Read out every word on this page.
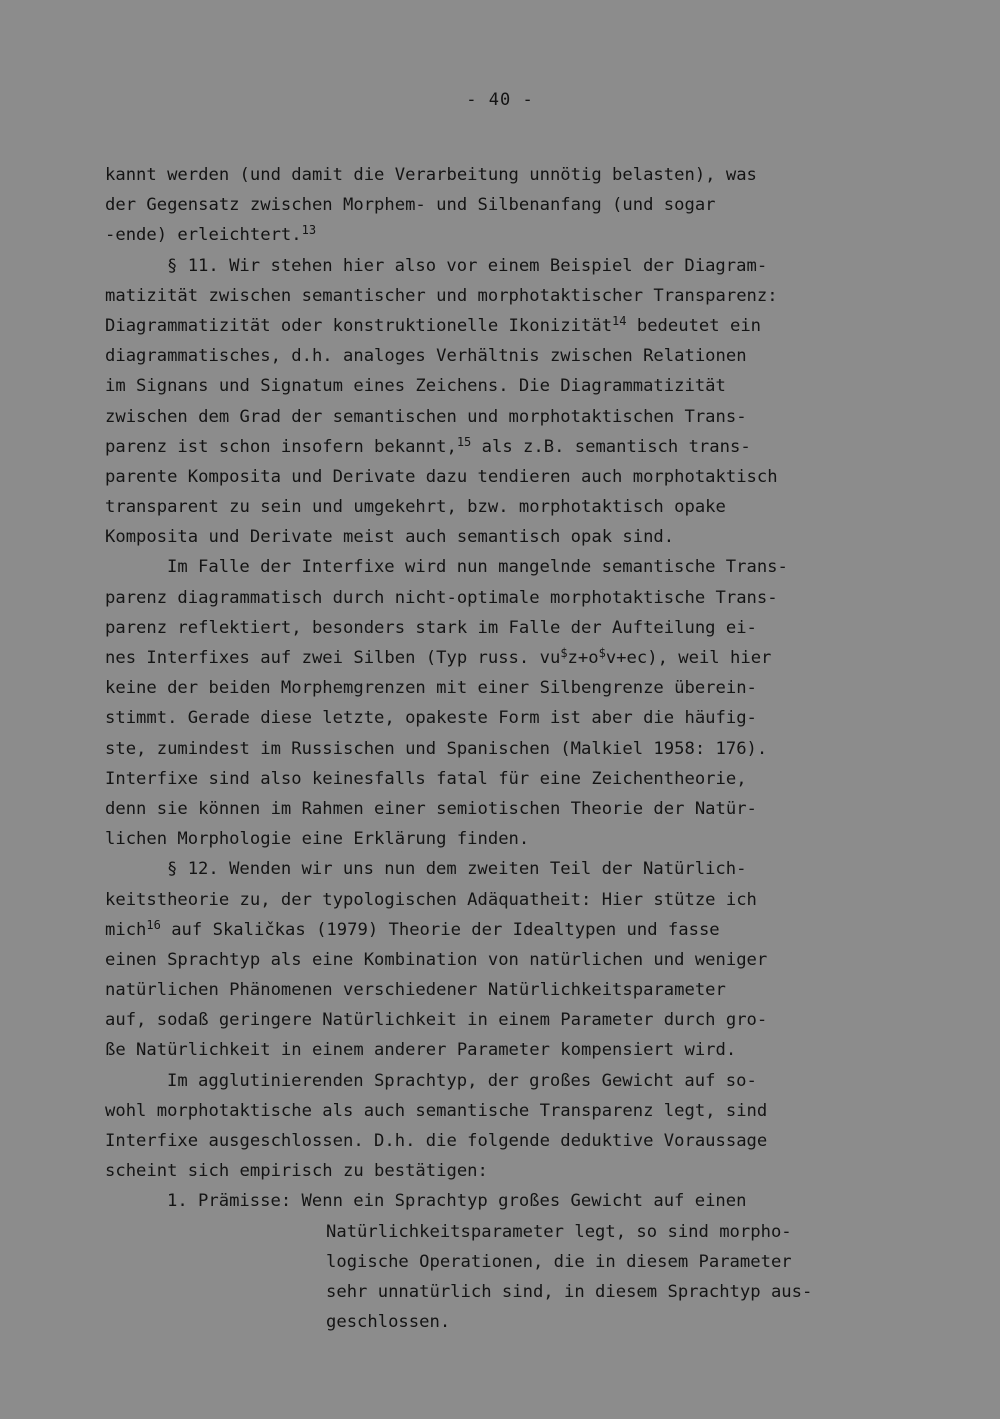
- 40 -
kannt werden (und damit die Verarbeitung unnötig belasten), was
der Gegensatz zwischen Morphem- und Silbenanfang (und sogar
-ende) erleichtert.$^{13}$
§ 11. Wir stehen hier also vor einem Beispiel der Diagram-
matizität zwischen semantischer und morphotaktischer Transparenz:
Diagrammatizität oder konstruktionelle Ikonizität$^{14}$ bedeutet ein
diagrammatisches, d.h. analoges Verhältnis zwischen Relationen
im Signans und Signatum eines Zeichens. Die Diagrammatizität
zwischen dem Grad der semantischen und morphotaktischen Trans-
parenz ist schon insofern bekannt,$^{15}$ als z.B. semantisch trans-
parente Komposita und Derivate dazu tendieren auch morphotaktisch
transparent zu sein und umgekehrt, bzw. morphotaktisch opake
Komposita und Derivate meist auch semantisch opak sind.
Im Falle der Interfixe wird nun mangelnde semantische Trans-
parenz diagrammatisch durch nicht-optimale morphotaktische Trans-
parenz reflektiert, besonders stark im Falle der Aufteilung ei-
nes Interfixes auf zwei Silben (Typ russ. vu$z+o$v+ec), weil hier
keine der beiden Morphemgrenzen mit einer Silbengrenze überein-
stimmt. Gerade diese letzte, opakeste Form ist aber die häufig-
ste, zumindest im Russischen und Spanischen (Malkiel 1958: 176).
Interfixe sind also keinesfalls fatal für eine Zeichentheorie,
denn sie können im Rahmen einer semiotischen Theorie der Natür-
lichen Morphologie eine Erklärung finden.
§ 12. Wenden wir uns nun dem zweiten Teil der Natürlich-
keitstheorie zu, der typologischen Adäquatheit: Hier stütze ich
mich$^{16}$ auf Skaličkas (1979) Theorie der Idealtypen und fasse
einen Sprachtyp als eine Kombination von natürlichen und weniger
natürlichen Phänomenen verschiedener Natürlichkeitsparameter
auf, sodaß geringere Natürlichkeit in einem Parameter durch gro-
ße Natürlichkeit in einem anderer Parameter kompensiert wird.
Im agglutinierenden Sprachtyp, der großes Gewicht auf so-
wohl morphotaktische als auch semantische Transparenz legt, sind
Interfixe ausgeschlossen. D.h. die folgende deduktive Voraussage
scheint sich empirisch zu bestätigen:
1. Prämisse: Wenn ein Sprachtyp großes Gewicht auf einen
Natürlichkeitsparameter legt, so sind morpho-
logische Operationen, die in diesem Parameter
sehr unnatürlich sind, in diesem Sprachtyp aus-
geschlossen.
